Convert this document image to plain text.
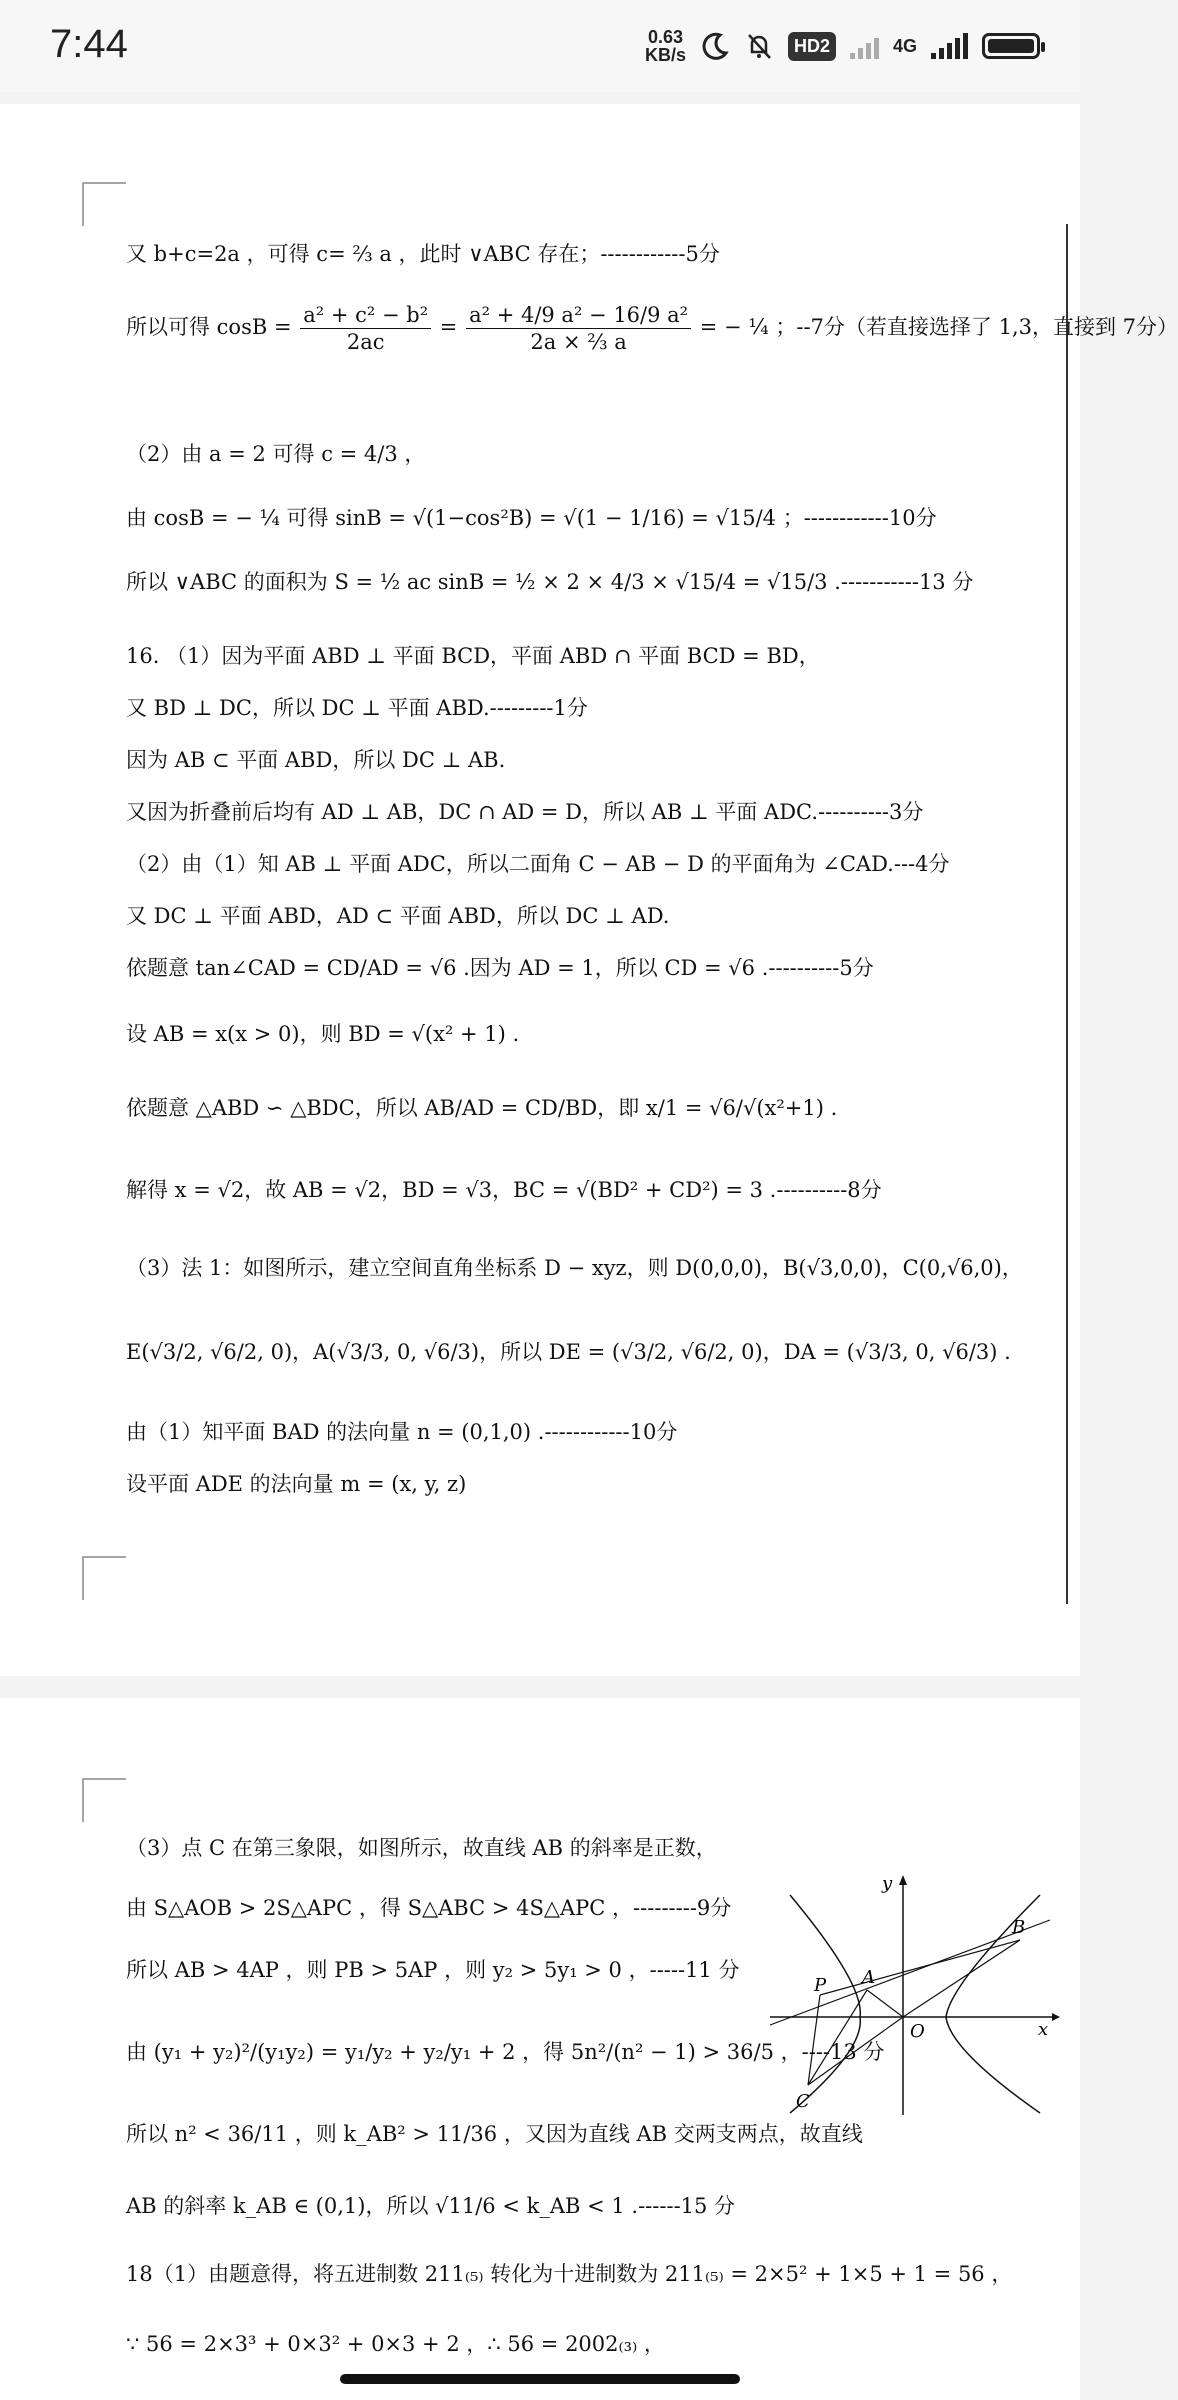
7:44	0.63
KB/s	HD2	4G
又 b+c=2a ，可得 c= ⅔ a ，此时 ∨ABC 存在；------------5分
所以可得 $\cos B = \frac{\text{a² + c² − b²}}{2ac} = \frac{\text{a² + 4/9 a² − 16/9 a²}}{\text{2a × ⅔ a}}$ = − ¼ ；--7分（若直接选择了 1,3，直接到 7分）
（2）由 a = 2 可得 c = 4/3 ，
由 cosB = − ¼ 可得 sinB = √(1−cos²B) = √(1 − 1/16) = √15/4 ；------------10分
所以 ∨ABC 的面积为 S = ½ ac sinB = ½ × 2 × 4/3 × √15/4 = √15/3 .-----------13 分
16. （1）因为平面 ABD ⊥ 平面 BCD，平面 ABD ∩ 平面 BCD = BD，
又 BD ⊥ DC，所以 DC ⊥ 平面 ABD.---------1分
因为 AB ⊂ 平面 ABD，所以 DC ⊥ AB.
又因为折叠前后均有 AD ⊥ AB，DC ∩ AD = D，所以 AB ⊥ 平面 ADC.----------3分
（2）由（1）知 AB ⊥ 平面 ADC，所以二面角 C − AB − D 的平面角为 ∠CAD.---4分
又 DC ⊥ 平面 ABD，AD ⊂ 平面 ABD，所以 DC ⊥ AD.
依题意 tan∠CAD = CD/AD = √6 .因为 AD = 1，所以 CD = √6 .----------5分
设 AB = x(x > 0)，则 BD = √(x² + 1) .
依题意 △ABD ∽ △BDC，所以 AB/AD = CD/BD，即 x/1 = √6/√(x²+1) .
解得 x = √2，故 AB = √2，BD = √3，BC = √(BD² + CD²) = 3 .----------8分
（3）法 1：如图所示，建立空间直角坐标系 D − xyz，则 D(0,0,0)，B(√3,0,0)，C(0,√6,0)，
E(√3/2, √6/2, 0)，A(√3/3, 0, √6/3)，所以 DE = (√3/2, √6/2, 0)，DA = (√3/3, 0, √6/3) .
由（1）知平面 BAD 的法向量 n = (0,1,0) .------------10分
设平面 ADE 的法向量 m = (x, y, z)
（3）点 C 在第三象限，如图所示，故直线 AB 的斜率是正数，
由 S△AOB > 2S△APC ，得 S△ABC > 4S△APC ，---------9分
所以 AB > 4AP ，则 PB > 5AP ，则 y₂ > 5y₁ > 0 ，-----11 分
由 (y₁ + y₂)²/(y₁y₂) = y₁/y₂ + y₂/y₁ + 2 ，得 5n²/(n² − 1) > 36/5 ，----13 分
所以 n² < 36/11 ，则 k_AB² > 11/36 ，又因为直线 AB 交两支两点，故直线
AB 的斜率 k_AB ∈ (0,1)，所以 √11/6 < k_AB < 1 .------15 分
18（1）由题意得，将五进制数 211₍₅₎ 转化为十进制数为 211₍₅₎ = 2×5² + 1×5 + 1 = 56 ，
∵ 56 = 2×3³ + 0×3² + 0×3 + 2 ，∴ 56 = 2002₍₃₎ ，
y
x
B
A
P
O
C
